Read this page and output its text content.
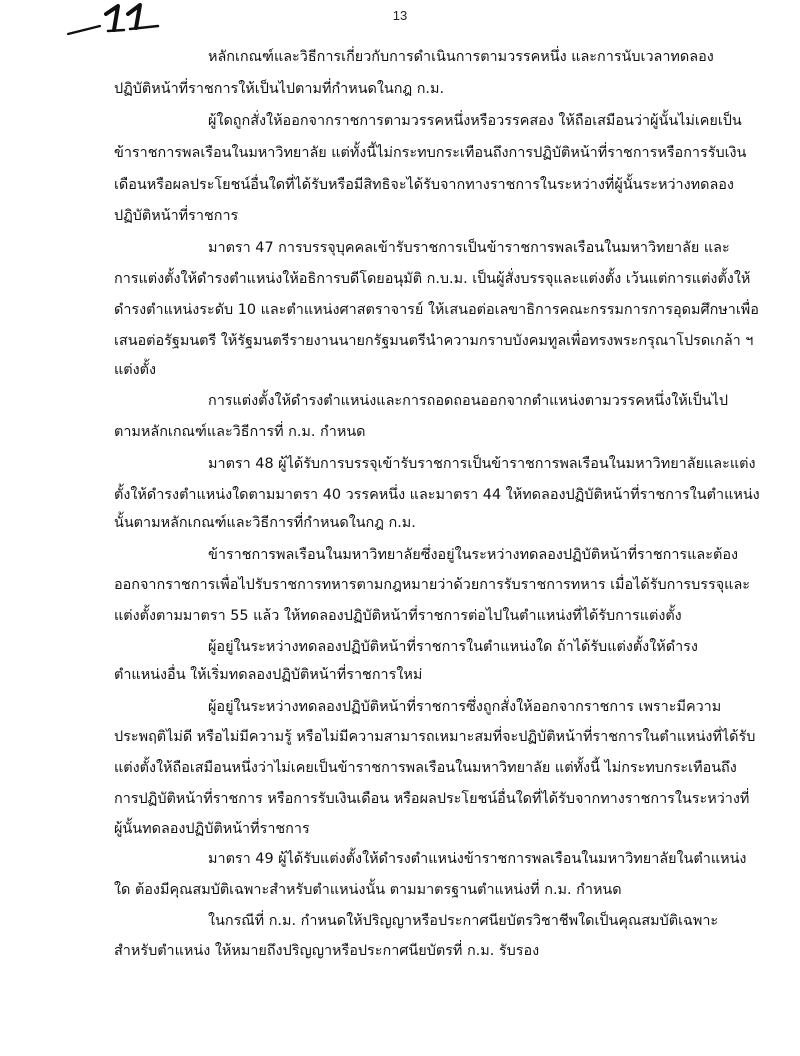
13
หลักเกณฑ์และวิธีการเกี่ยวกับการดำเนินการตามวรรคหนึ่ง และการนับเวลาทดลอง
ปฏิบัติหน้าที่ราชการให้เป็นไปตามที่กำหนดในกฎ ก.ม.
ผู้ใดถูกสั่งให้ออกจากราชการตามวรรคหนึ่งหรือวรรคสอง ให้ถือเสมือนว่าผู้นั้นไม่เคยเป็น
ข้าราชการพลเรือนในมหาวิทยาลัย แต่ทั้งนี้ไม่กระทบกระเทือนถึงการปฏิบัติหน้าที่ราชการหรือการรับเงิน
เดือนหรือผลประโยชน์อื่นใดที่ได้รับหรือมีสิทธิจะได้รับจากทางราชการในระหว่างที่ผู้นั้นระหว่างทดลอง
ปฏิบัติหน้าที่ราชการ
มาตรา 47 การบรรจุบุคคลเข้ารับราชการเป็นข้าราชการพลเรือนในมหาวิทยาลัย และ
การแต่งตั้งให้ดำรงตำแหน่งให้อธิการบดีโดยอนุมัติ ก.บ.ม. เป็นผู้สั่งบรรจุและแต่งตั้ง เว้นแต่การแต่งตั้งให้
ดำรงตำแหน่งระดับ 10 และตำแหน่งศาสตราจารย์ ให้เสนอต่อเลขาธิการคณะกรรมการการอุดมศึกษาเพื่อ
เสนอต่อรัฐมนตรี ให้รัฐมนตรีรายงานนายกรัฐมนตรีนำความกราบบังคมทูลเพื่อทรงพระกรุณาโปรดเกล้า ฯ
แต่งตั้ง
การแต่งตั้งให้ดำรงตำแหน่งและการถอดถอนออกจากตำแหน่งตามวรรคหนึ่งให้เป็นไป
ตามหลักเกณฑ์และวิธีการที่ ก.ม. กำหนด
มาตรา 48 ผู้ได้รับการบรรจุเข้ารับราชการเป็นข้าราชการพลเรือนในมหาวิทยาลัยและแต่ง
ตั้งให้ดำรงตำแหน่งใดตามมาตรา 40 วรรคหนึ่ง และมาตรา 44 ให้ทดลองปฏิบัติหน้าที่ราชการในตำแหน่ง
นั้นตามหลักเกณฑ์และวิธีการที่กำหนดในกฎ ก.ม.
ข้าราชการพลเรือนในมหาวิทยาลัยซึ่งอยู่ในระหว่างทดลองปฏิบัติหน้าที่ราชการและต้อง
ออกจากราชการเพื่อไปรับราชการทหารตามกฎหมายว่าด้วยการรับราชการทหาร เมื่อได้รับการบรรจุและ
แต่งตั้งตามมาตรา 55 แล้ว ให้ทดลองปฏิบัติหน้าที่ราชการต่อไปในตำแหน่งที่ได้รับการแต่งตั้ง
ผู้อยู่ในระหว่างทดลองปฏิบัติหน้าที่ราชการในตำแหน่งใด ถ้าได้รับแต่งตั้งให้ดำรง
ตำแหน่งอื่น ให้เริ่มทดลองปฏิบัติหน้าที่ราชการใหม่
ผู้อยู่ในระหว่างทดลองปฏิบัติหน้าที่ราชการซึ่งถูกสั่งให้ออกจากราชการ เพราะมีความ
ประพฤติไม่ดี หรือไม่มีความรู้ หรือไม่มีความสามารถเหมาะสมที่จะปฏิบัติหน้าที่ราชการในตำแหน่งที่ได้รับ
แต่งตั้งให้ถือเสมือนหนึ่งว่าไม่เคยเป็นข้าราชการพลเรือนในมหาวิทยาลัย แต่ทั้งนี้ ไม่กระทบกระเทือนถึง
การปฏิบัติหน้าที่ราชการ หรือการรับเงินเดือน หรือผลประโยชน์อื่นใดที่ได้รับจากทางราชการในระหว่างที่
ผู้นั้นทดลองปฏิบัติหน้าที่ราชการ
มาตรา 49 ผู้ได้รับแต่งตั้งให้ดำรงตำแหน่งข้าราชการพลเรือนในมหาวิทยาลัยในตำแหน่ง
ใด ต้องมีคุณสมบัติเฉพาะสำหรับตำแหน่งนั้น ตามมาตรฐานตำแหน่งที่ ก.ม. กำหนด
ในกรณีที่ ก.ม. กำหนดให้ปริญญาหรือประกาศนียบัตรวิชาชีพใดเป็นคุณสมบัติเฉพาะ
สำหรับตำแหน่ง ให้หมายถึงปริญญาหรือประกาศนียบัตรที่ ก.ม. รับรอง
